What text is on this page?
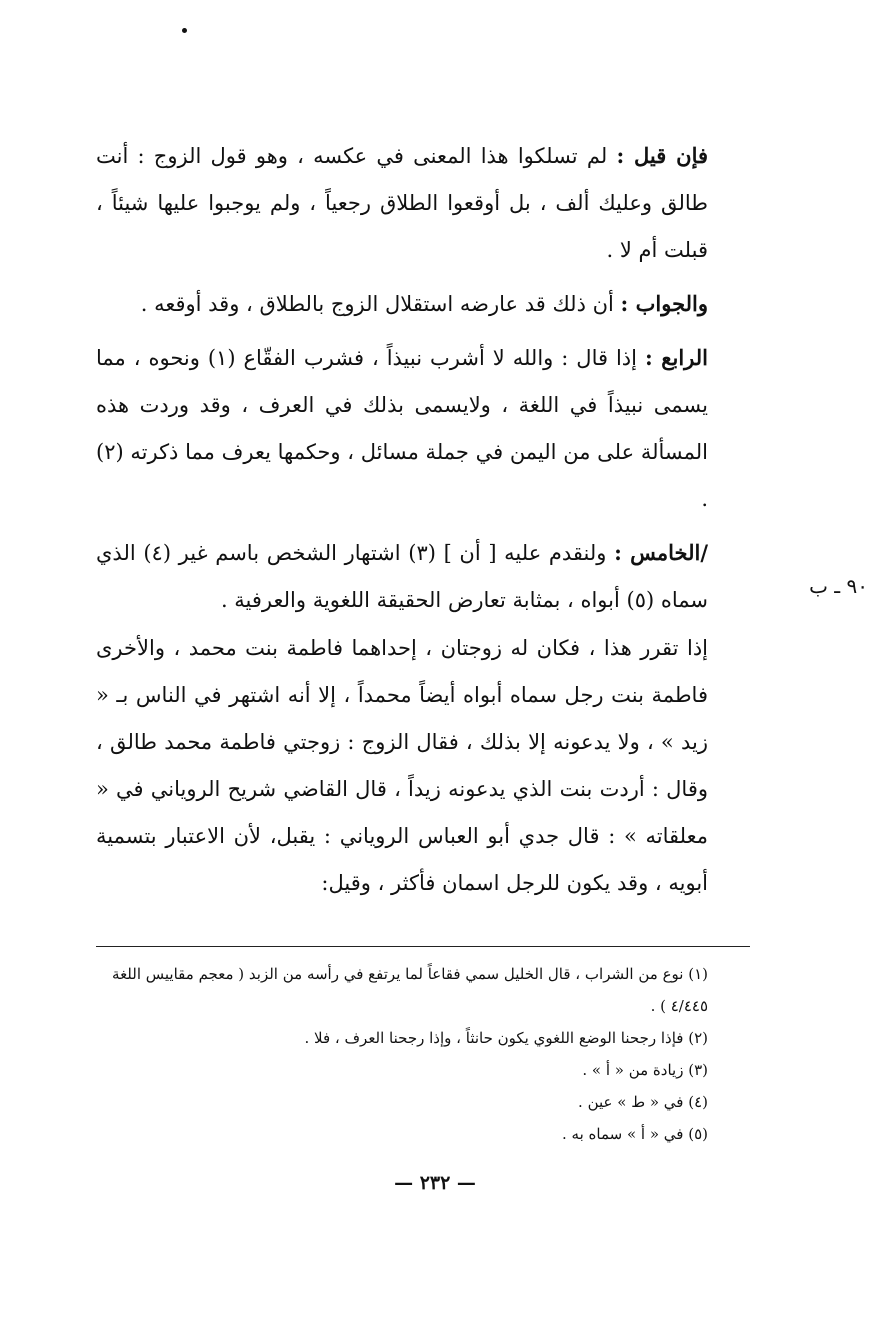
فإن قيل : لم تسلكوا هذا المعنى في عكسه ، وهو قول الزوج : أنت طالق وعليك ألف ، بل أوقعوا الطلاق رجعياً ، ولم يوجبوا عليها شيئاً ، قبلت أم لا .

والجواب : أن ذلك قد عارضه استقلال الزوج بالطلاق ، وقد أوقعه .

الرابع : إذا قال : والله لا أشرب نبيذاً ، فشرب الفقّاع (١) ونحوه ، مما يسمى نبيذاً في اللغة ، ولايسمى بذلك في العرف ، وقد وردت هذه المسألة على من اليمن في جملة مسائل ، وحكمها يعرف مما ذكرته (٢) .

/الخامس : ولنقدم عليه [ أن ] (٣) اشتهار الشخص باسم غير (٤) الذي سماه (٥) أبواه ، بمثابة تعارض الحقيقة اللغوية والعرفية .

إذا تقرر هذا ، فكان له زوجتان ، إحداهما فاطمة بنت محمد ، والأخرى فاطمة بنت رجل سماه أبواه أيضاً محمداً ، إلا أنه اشتهر في الناس بـ « زيد » ، ولا يدعونه إلا بذلك ، فقال الزوج : زوجتي فاطمة محمد طالق ، وقال : أردت بنت الذي يدعونه زيداً ، قال القاضي شريح الروياني في « معلقاته » : قال جدي أبو العباس الروياني : يقبل، لأن الاعتبار بتسمية أبويه ، وقد يكون للرجل اسمان فأكثر ، وقيل:

٩٠ ـ ب

(١) نوع من الشراب ، قال الخليل سمي فقاعاً لما يرتفع في رأسه من الزبد ( معجم مقاييس اللغة ٤/٤٤٥ ) .

(٢) فإذا رجحنا الوضع اللغوي يكون حانثاً ، وإذا رجحنا العرف ، فلا .

(٣) زيادة من « أ » .

(٤) في « ط » عين .

(٥) في « أ » سماه به .

— ٢٣٢ —
